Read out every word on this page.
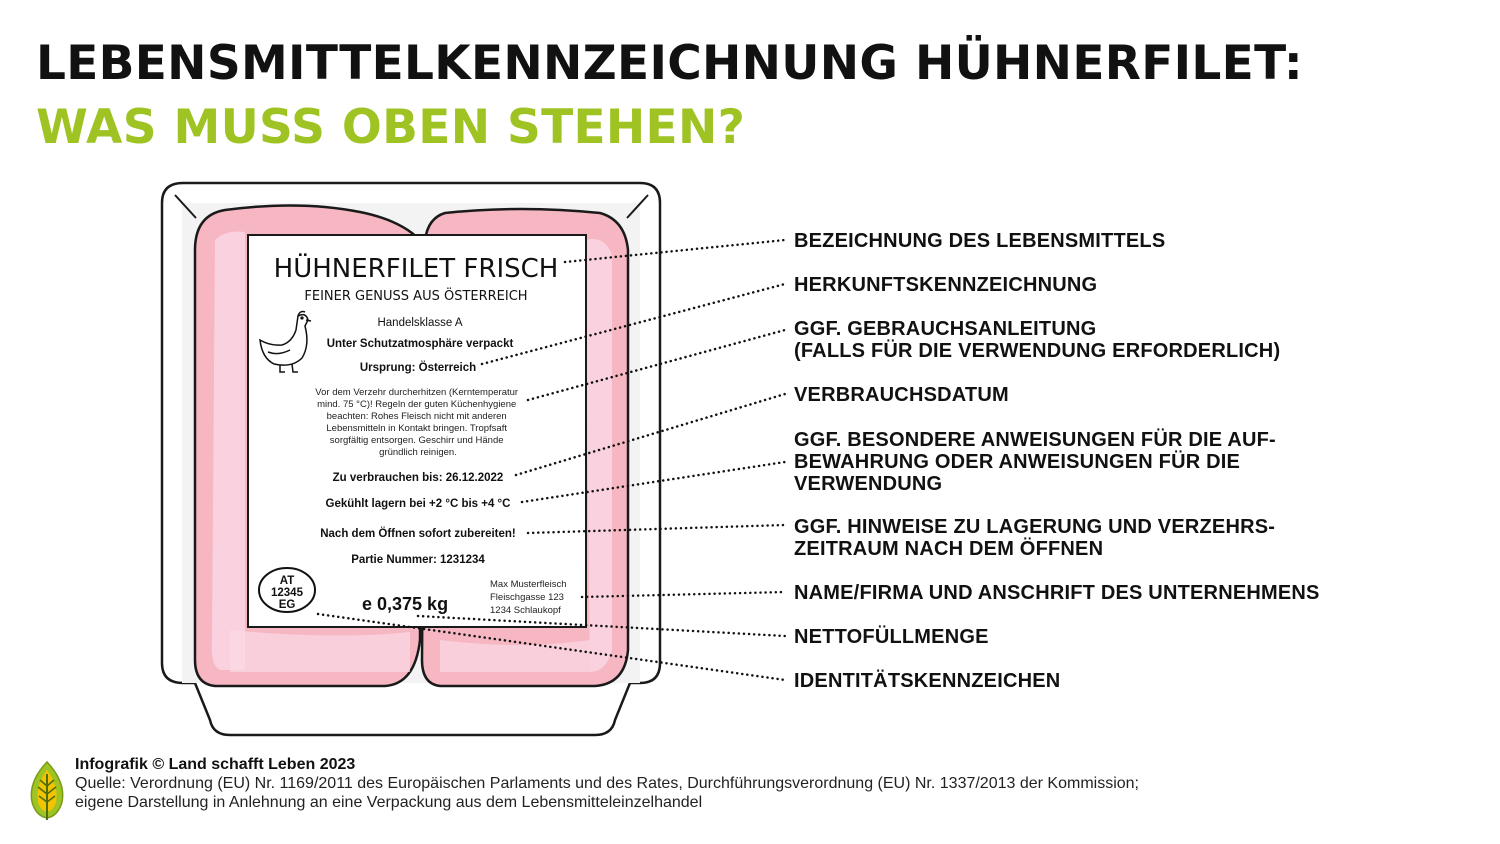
LEBENSMITTELKENNZEICHNUNG HÜHNERFILET:
WAS MUSS OBEN STEHEN?
HÜHNERFILET FRISCH
FEINER GENUSS AUS ÖSTERREICH
Handelsklasse A
Unter Schutzatmosphäre verpackt
Ursprung: Österreich
Vor dem Verzehr durcherhitzen (Kerntemperatur mind. 75 °C)! Regeln der guten Küchenhygiene beachten: Rohes Fleisch nicht mit anderen Lebensmitteln in Kontakt bringen. Tropfsaft sorgfältig entsorgen. Geschirr und Hände gründlich reinigen.
Zu verbrauchen bis: 26.12.2022
Gekühlt lagern bei +2 °C bis +4 °C
Nach dem Öffnen sofort zubereiten!
Partie Nummer: 1231234
AT
12345
EG	e 0,375 kg
Max Musterfleisch Fleischgasse 123 1234 Schlaukopf
BEZEICHNUNG DES LEBENSMITTELS
HERKUNFTSKENNZEICHNUNG
GGF. GEBRAUCHSANLEITUNG
(FALLS FÜR DIE VERWENDUNG ERFORDERLICH)
VERBRAUCHSDATUM
GGF. BESONDERE ANWEISUNGEN FÜR DIE AUF-
BEWAHRUNG ODER ANWEISUNGEN FÜR DIE
VERWENDUNG
GGF. HINWEISE ZU LAGERUNG UND VERZEHRS-
ZEITRAUM NACH DEM ÖFFNEN
NAME/FIRMA UND ANSCHRIFT DES UNTERNEHMENS
NETTOFÜLLMENGE
IDENTITÄTSKENNZEICHEN
Infografik © Land schafft Leben 2023
Quelle: Verordnung (EU) Nr. 1169/2011 des Europäischen Parlaments und des Rates, Durchführungsverordnung (EU) Nr. 1337/2013 der Kommission;
eigene Darstellung in Anlehnung an eine Verpackung aus dem Lebensmitteleinzelhandel
